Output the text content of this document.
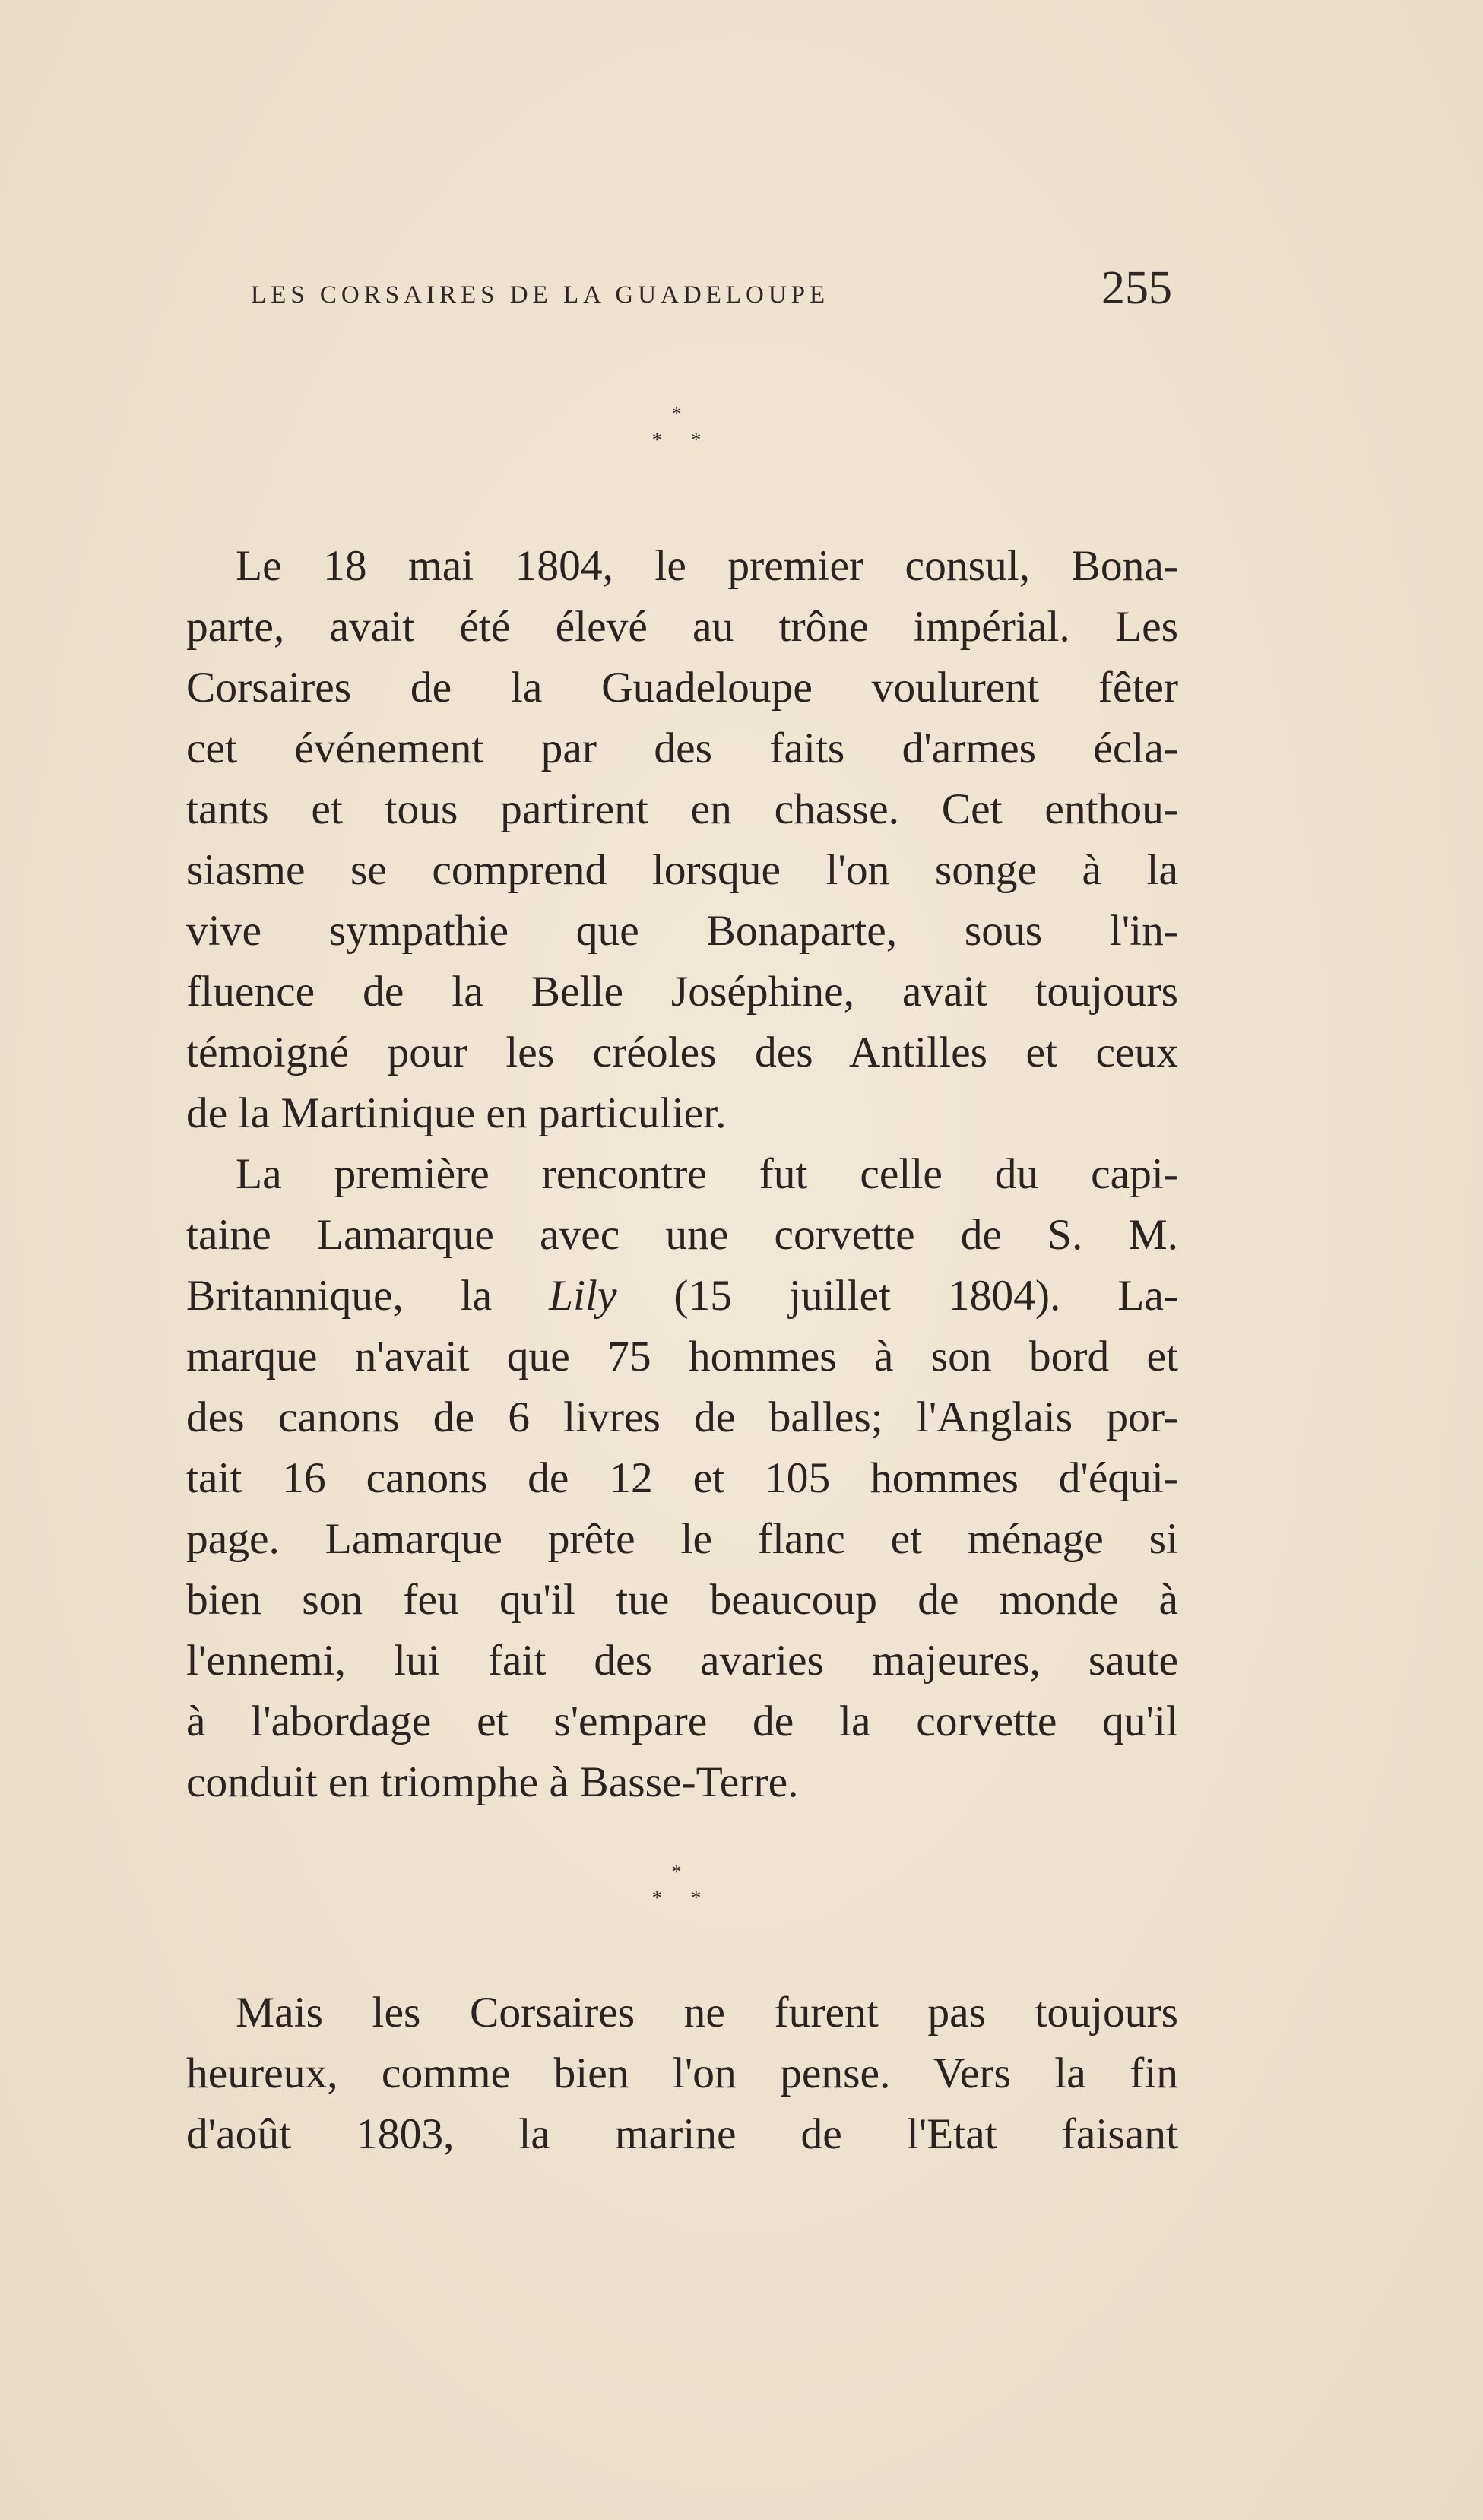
LES CORSAIRES DE LA GUADELOUPE	255
*
* *
Le 18 mai 1804, le premier consul, Bona-
parte, avait été élevé au trône impérial. Les
Corsaires de la Guadeloupe voulurent fêter
cet événement par des faits d'armes écla-
tants et tous partirent en chasse. Cet enthou-
siasme se comprend lorsque l'on songe à la
vive sympathie que Bonaparte, sous l'in-
fluence de la Belle Joséphine, avait toujours
témoigné pour les créoles des Antilles et ceux
de la Martinique en particulier.
La première rencontre fut celle du capi-
taine Lamarque avec une corvette de S. M.
Britannique, la Lily (15 juillet 1804). La-
marque n'avait que 75 hommes à son bord et
des canons de 6 livres de balles; l'Anglais por-
tait 16 canons de 12 et 105 hommes d'équi-
page. Lamarque prête le flanc et ménage si
bien son feu qu'il tue beaucoup de monde à
l'ennemi, lui fait des avaries majeures, saute
à l'abordage et s'empare de la corvette qu'il
conduit en triomphe à Basse-Terre.
*
* *
Mais les Corsaires ne furent pas toujours
heureux, comme bien l'on pense. Vers la fin
d'août 1803, la marine de l'Etat faisant
